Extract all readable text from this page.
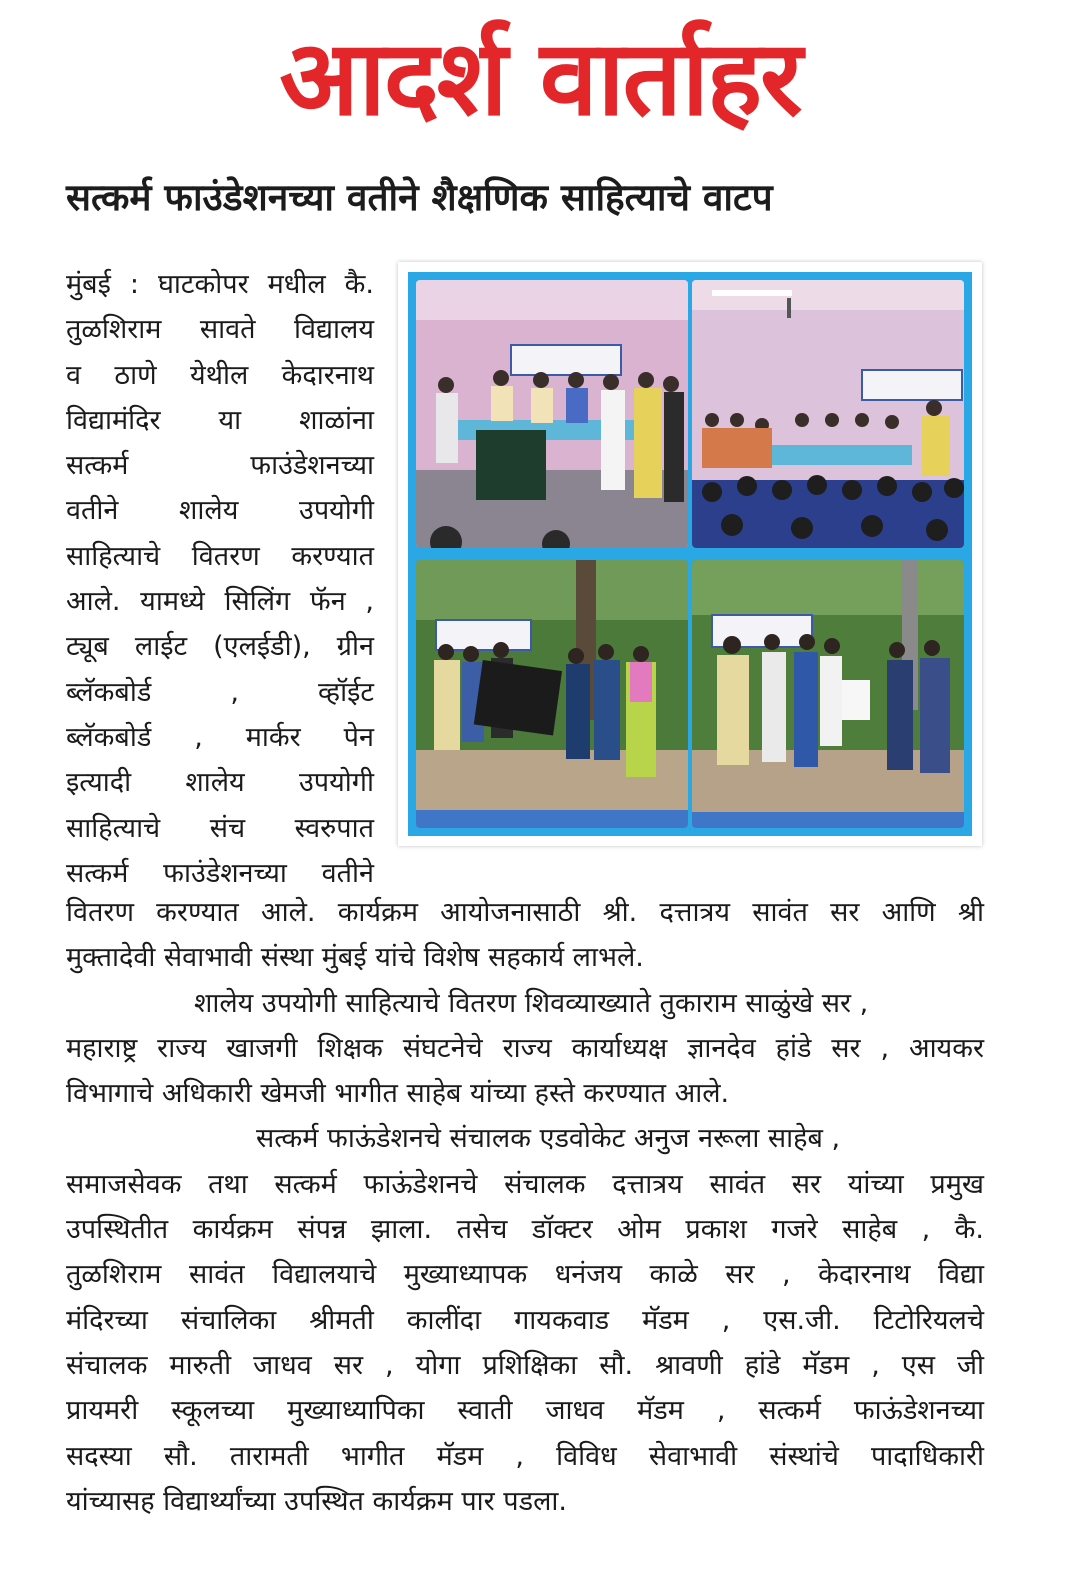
आदर्श वार्ताहर
सत्कर्म फाउंडेशनच्या वतीने शैक्षणिक साहित्याचे वाटप
मुंबई : घाटकोपर मधील कै.
तुळशिराम सावते विद्यालय
व ठाणे येथील केदारनाथ
विद्यामंदिर या शाळांना
सत्कर्म फाउंडेशनच्या
वतीने शालेय उपयोगी
साहित्याचे वितरण करण्यात
आले. यामध्ये सिलिंग फॅन ,
ट्यूब लाईट (एलईडी), ग्रीन
ब्लॅकबोर्ड , व्हॉईट
ब्लॅकबोर्ड , मार्कर पेन
इत्यादी शालेय उपयोगी
साहित्याचे संच स्वरुपात
सत्कर्म फाउंडेशनच्या वतीने
वितरण करण्यात आले. कार्यक्रम आयोजनासाठी श्री. दत्तात्रय सावंत सर आणि श्री
मुक्तादेवी सेवाभावी संस्था मुंबई यांचे विशेष सहकार्य लाभले.
शालेय उपयोगी साहित्याचे वितरण शिवव्याख्याते तुकाराम साळुंखे सर ,
महाराष्ट्र राज्य खाजगी शिक्षक संघटनेचे राज्य कार्याध्यक्ष ज्ञानदेव हांडे सर , आयकर
विभागाचे अधिकारी खेमजी भागीत साहेब यांच्या हस्ते करण्यात आले.
सत्कर्म फाऊंडेशनचे संचालक एडवोकेट अनुज नरूला साहेब ,
समाजसेवक तथा सत्कर्म फाऊंडेशनचे संचालक दत्तात्रय सावंत सर यांच्या प्रमुख
उपस्थितीत कार्यक्रम संपन्न झाला. तसेच डॉक्टर ओम प्रकाश गजरे साहेब , कै.
तुळशिराम सावंत विद्यालयाचे मुख्याध्यापक धनंजय काळे सर , केदारनाथ विद्या
मंदिरच्या संचालिका श्रीमती कालींदा गायकवाड मॅडम , एस.जी. टिटोरियलचे
संचालक मारुती जाधव सर , योगा प्रशिक्षिका सौ. श्रावणी हांडे मॅडम , एस जी
प्रायमरी स्कूलच्या मुख्याध्यापिका स्वाती जाधव मॅडम , सत्कर्म फाऊंडेशनच्या
सदस्या सौ. तारामती भागीत मॅडम , विविध सेवाभावी संस्थांचे पादाधिकारी
यांच्यासह विद्यार्थ्यांच्या उपस्थित कार्यक्रम पार पडला.
